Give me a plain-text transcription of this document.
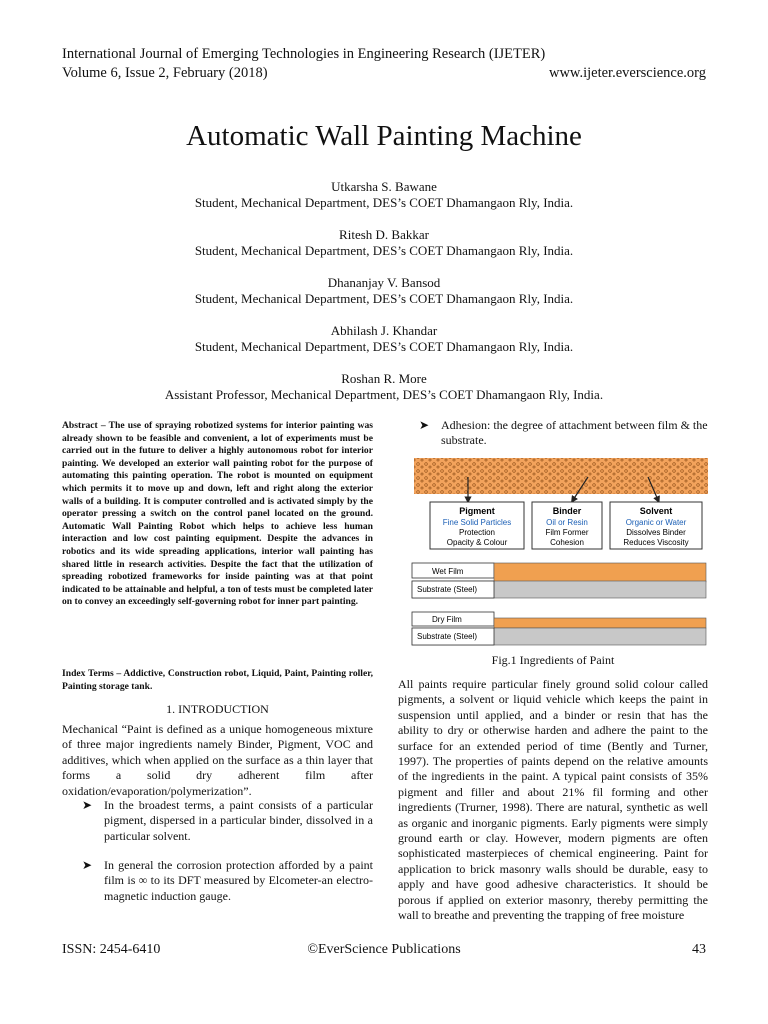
International Journal of Emerging Technologies in Engineering Research (IJETER)
Volume 6, Issue 2, February (2018)	www.ijeter.everscience.org
Automatic Wall Painting Machine
Utkarsha S. Bawane
Student, Mechanical Department, DES’s COET Dhamangaon Rly, India.
Ritesh D. Bakkar
Student, Mechanical Department, DES’s COET Dhamangaon Rly, India.
Dhananjay V. Bansod
Student, Mechanical Department, DES’s COET Dhamangaon Rly, India.
Abhilash J. Khandar
Student, Mechanical Department, DES’s COET Dhamangaon Rly, India.
Roshan R. More
Assistant Professor, Mechanical Department, DES’s COET Dhamangaon Rly, India.
Abstract – The use of spraying robotized systems for interior painting was already shown to be feasible and convenient, a lot of experiments must be carried out in the future to deliver a highly autonomous robot for interior painting. We developed an exterior wall painting robot for the purpose of automating this painting operation. The robot is mounted on equipment which permits it to move up and down, left and right along the exterior walls of a building. It is computer controlled and is activated simply by the operator pressing a switch on the control panel located on the ground. Automatic Wall Painting Robot which helps to achieve less human interaction and low cost painting equipment. Despite the advances in robotics and its wide spreading applications, interior wall painting has shared little in research activities. Despite the fact that the utilization of spreading robotized frameworks for inside painting was at that point indicated to be attainable and helpful, a ton of tests must be completed later on to convey an exceedingly self-governing robot for inner part painting.
Index Terms – Addictive, Construction robot, Liquid, Paint, Painting roller, Painting storage tank.
1. INTRODUCTION
Mechanical “Paint is defined as a unique homogeneous mixture of three major ingredients namely Binder, Pigment, VOC and additives, which when applied on the surface as a thin layer that forms a solid dry adherent film after oxidation/evaporation/polymerization”.
➤ In the broadest terms, a paint consists of a particular pigment, dispersed in a particular binder, dissolved in a particular solvent.
➤ In general the corrosion protection afforded by a paint film is ∞ to its DFT measured by Elcometer-an electro-magnetic induction gauge.
➤ Adhesion: the degree of attachment between film & the substrate.
Pigment
Fine Solid Particles
Protection
Opacity & Colour
Binder
Oil or Resin
Film Former
Cohesion
Solvent
Organic or Water
Dissolves Binder
Reduces Viscosity
Wet Film
Substrate (Steel)
Dry Film
Substrate (Steel)
Fig.1 Ingredients of Paint
All paints require particular finely ground solid colour called pigments, a solvent or liquid vehicle which keeps the paint in suspension until applied, and a binder or resin that has the ability to dry or otherwise harden and adhere the paint to the surface for an extended period of time (Bently and Turner, 1997). The properties of paints depend on the relative amounts of the ingredients in the paint. A typical paint consists of 35% pigment and filler and about 21% fil forming and other ingredients (Trurner, 1998). There are natural, synthetic as well as organic and inorganic pigments. Early pigments were simply ground earth or clay. However, modern pigments are often sophisticated masterpieces of chemical engineering. Paint for application to brick masonry walls should be durable, easy to apply and have good adhesive characteristics. It should be porous if applied on exterior masonry, thereby permitting the wall to breathe and preventing the trapping of free moisture
ISSN: 2454-6410	©EverScience Publications	43
